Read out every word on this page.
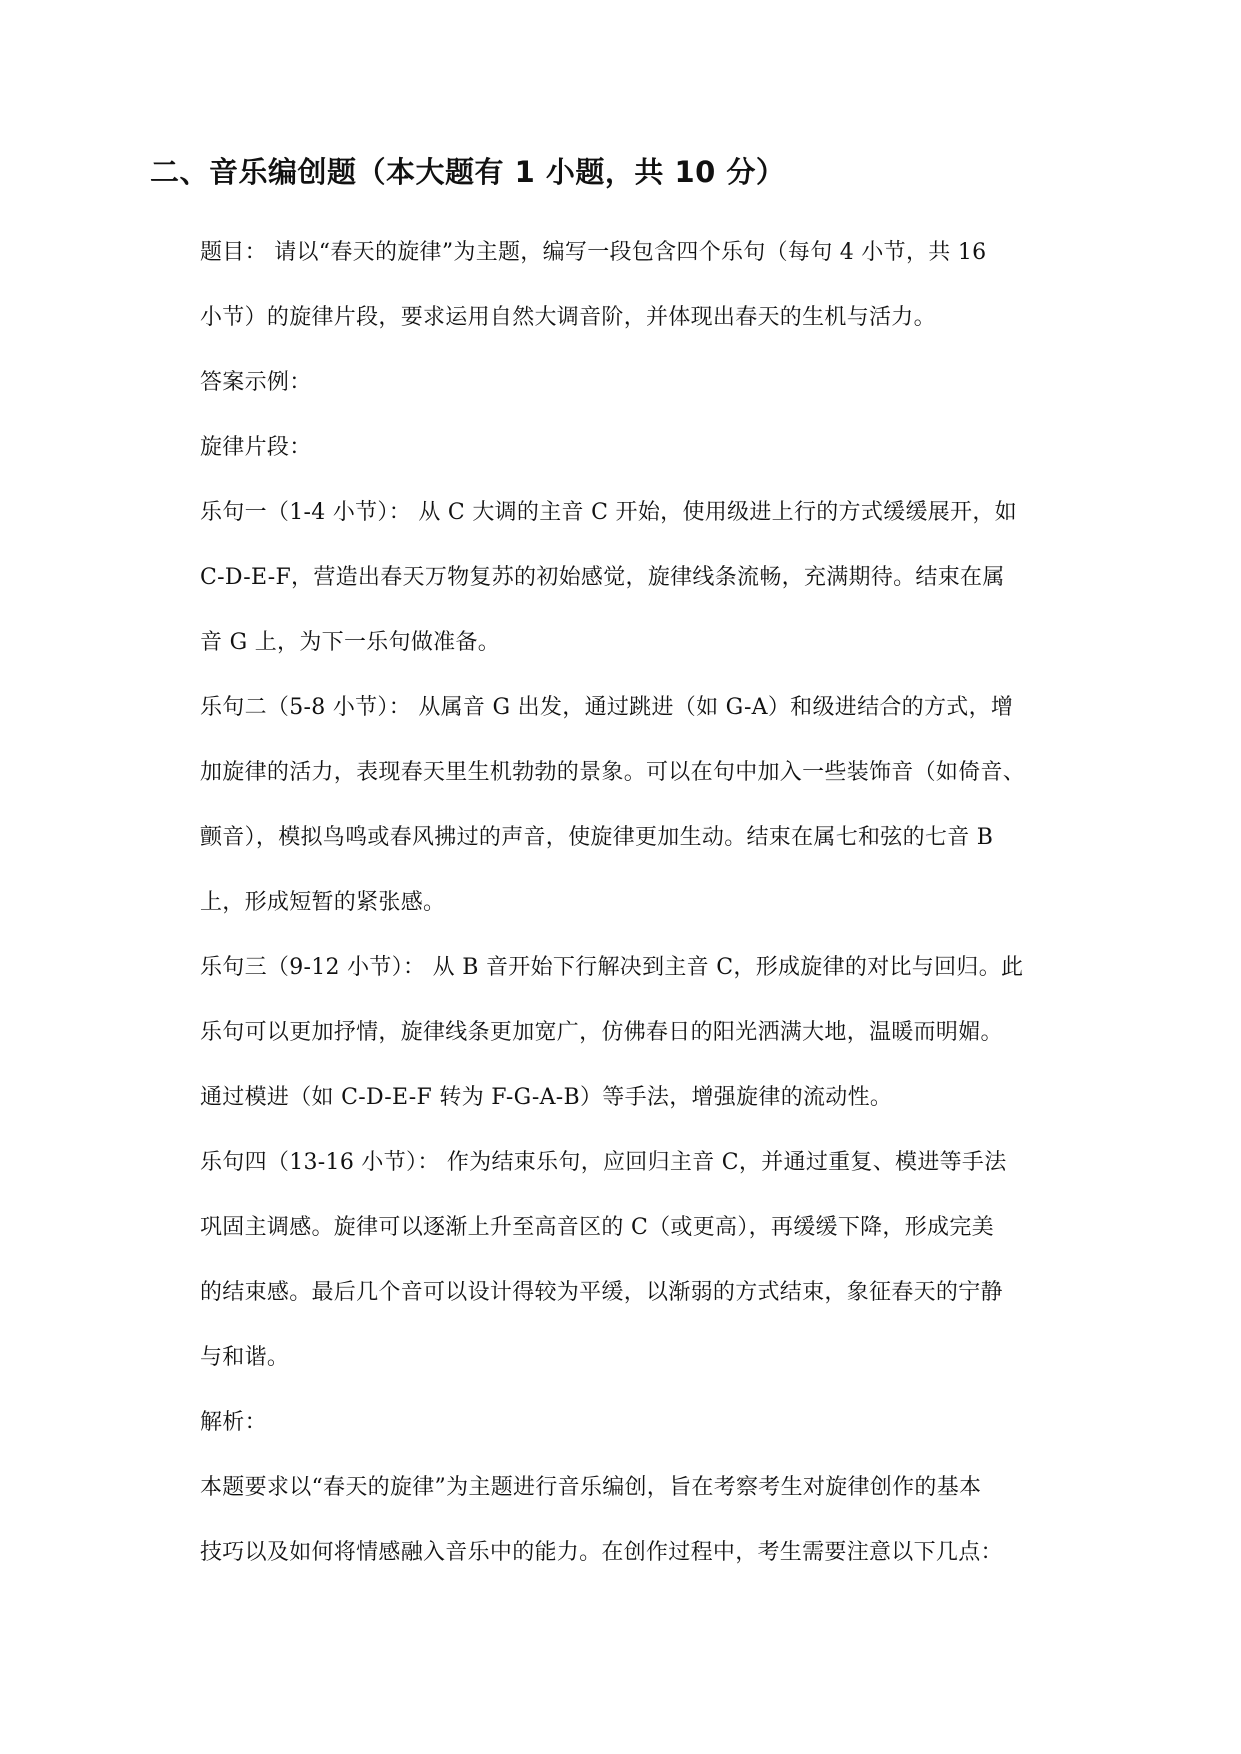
二、音乐编创题（本大题有 1 小题，共 10 分）

题目： 请以“春天的旋律”为主题，编写一段包含四个乐句（每句 4 小节，共 16

小节）的旋律片段，要求运用自然大调音阶，并体现出春天的生机与活力。

答案示例：

旋律片段：

乐句一（1-4 小节）： 从 C 大调的主音 C 开始，使用级进上行的方式缓缓展开，如

C-D-E-F，营造出春天万物复苏的初始感觉，旋律线条流畅，充满期待。结束在属

音 G 上，为下一乐句做准备。

乐句二（5-8 小节）： 从属音 G 出发，通过跳进（如 G-A）和级进结合的方式，增

加旋律的活力，表现春天里生机勃勃的景象。可以在句中加入一些装饰音（如倚音、

颤音），模拟鸟鸣或春风拂过的声音，使旋律更加生动。结束在属七和弦的七音 B

上，形成短暂的紧张感。

乐句三（9-12 小节）： 从 B 音开始下行解决到主音 C，形成旋律的对比与回归。此

乐句可以更加抒情，旋律线条更加宽广，仿佛春日的阳光洒满大地，温暖而明媚。

通过模进（如 C-D-E-F 转为 F-G-A-B）等手法，增强旋律的流动性。

乐句四（13-16 小节）： 作为结束乐句，应回归主音 C，并通过重复、模进等手法

巩固主调感。旋律可以逐渐上升至高音区的 C（或更高），再缓缓下降，形成完美

的结束感。最后几个音可以设计得较为平缓，以渐弱的方式结束，象征春天的宁静

与和谐。

解析：

本题要求以“春天的旋律”为主题进行音乐编创，旨在考察考生对旋律创作的基本

技巧以及如何将情感融入音乐中的能力。在创作过程中，考生需要注意以下几点：
